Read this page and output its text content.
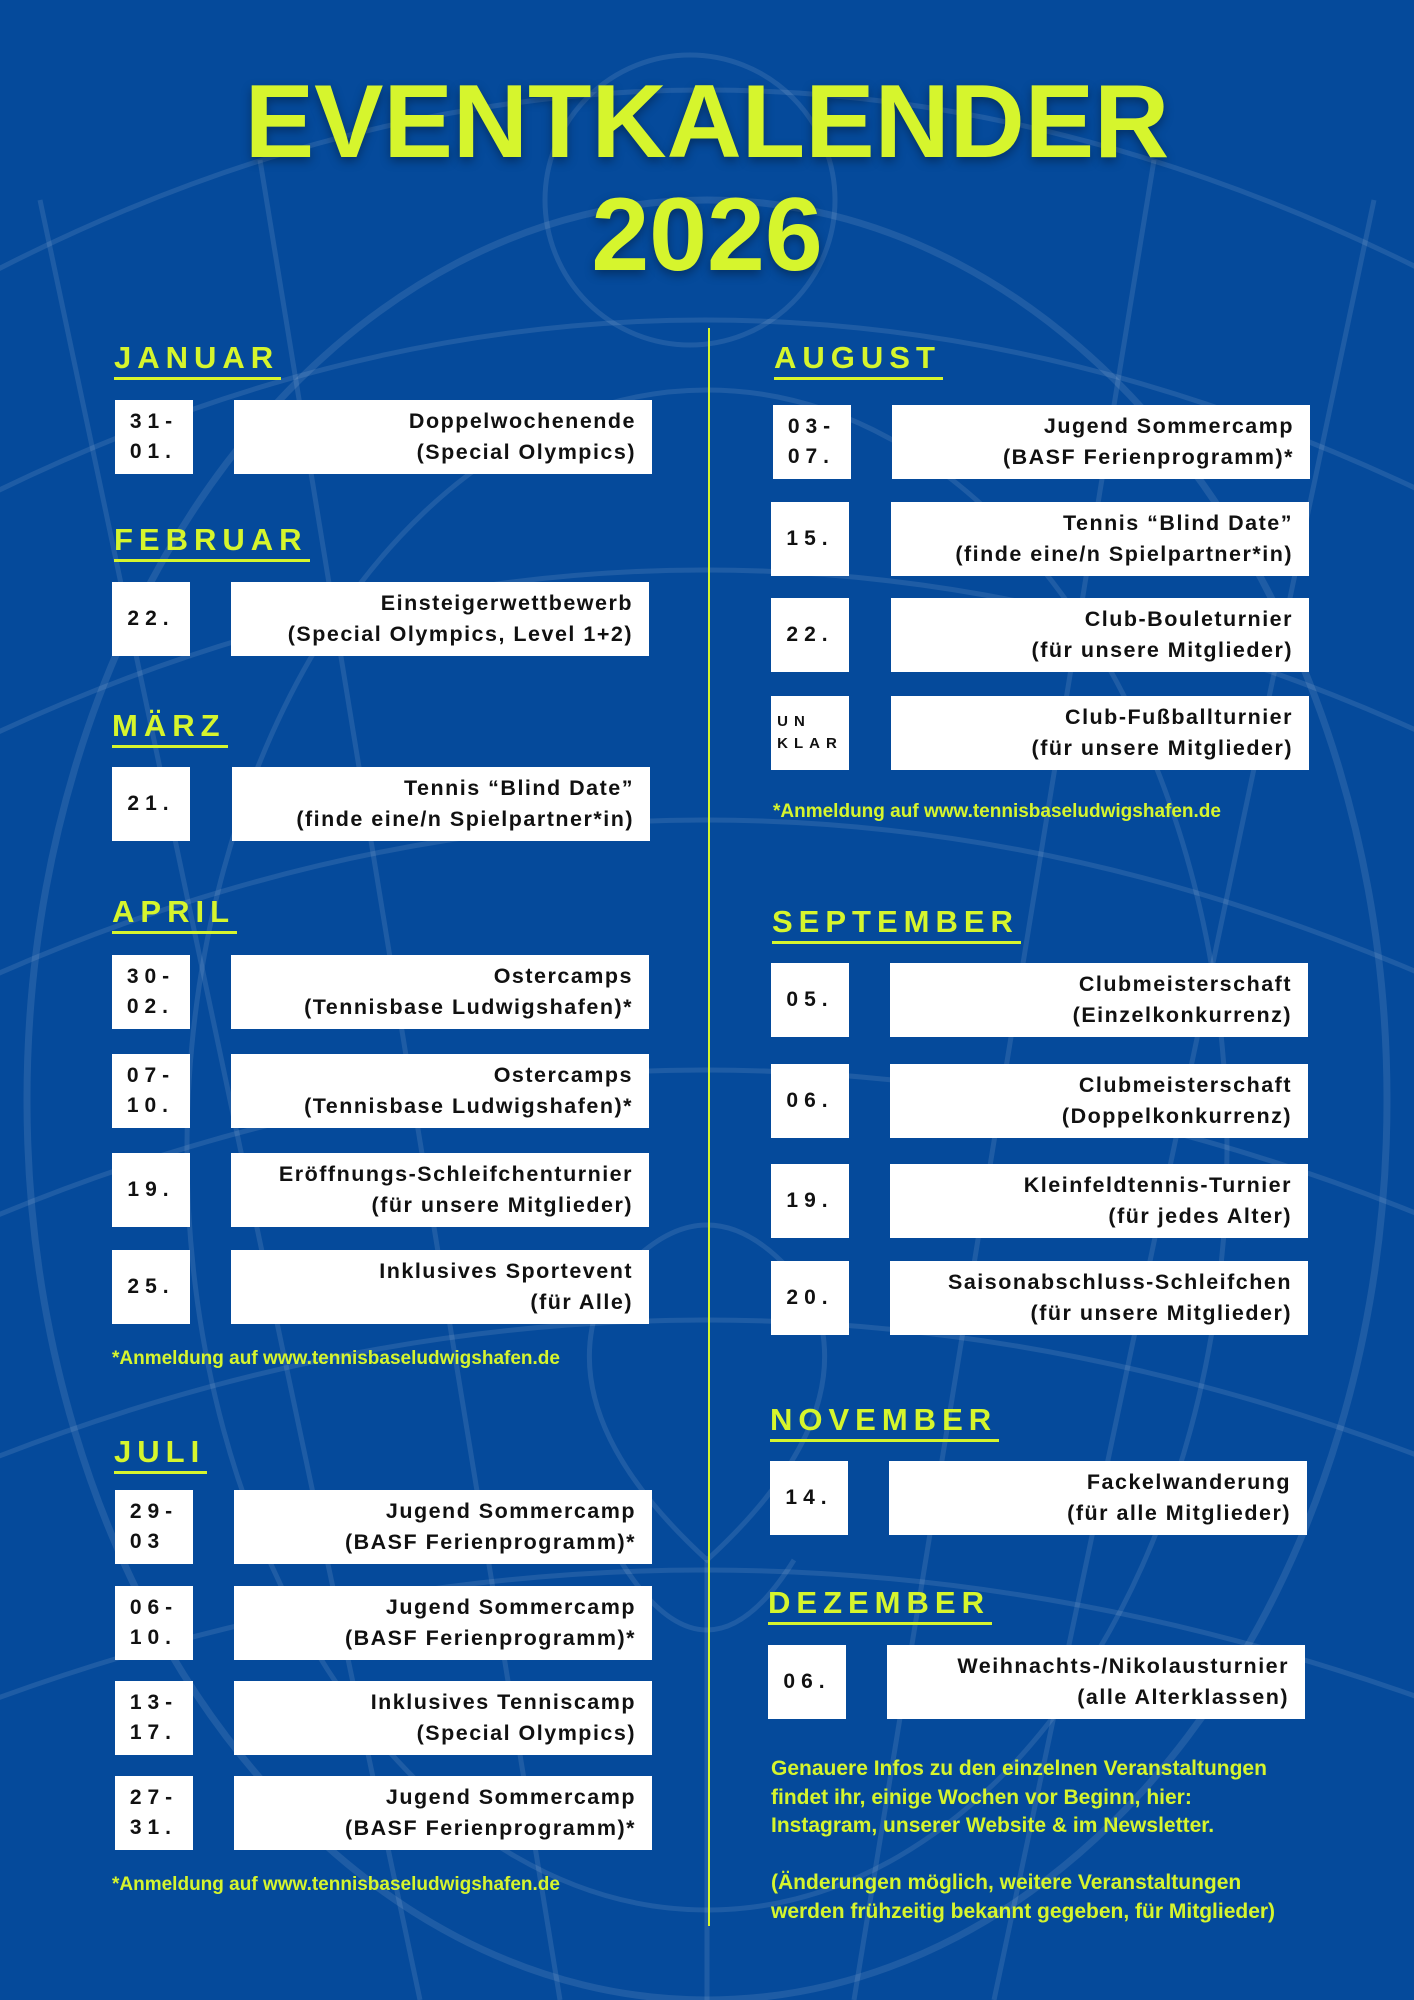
EVENTKALENDER
2026
JANUAR
31-
01.
Doppelwochenende
(Special Olympics)
FEBRUAR
22.
Einsteigerwettbewerb
(Special Olympics, Level 1+2)
MÄRZ
21.
Tennis “Blind Date”
(finde eine/n Spielpartner*in)
APRIL
30-
02.
Ostercamps
(Tennisbase Ludwigshafen)*
07-
10.
Ostercamps
(Tennisbase Ludwigshafen)*
19.
Eröffnungs-Schleifchenturnier
(für unsere Mitglieder)
25.
Inklusives Sportevent
(für Alle)
*Anmeldung auf www.tennisbaseludwigshafen.de
JULI
29-
03
Jugend Sommercamp
(BASF Ferienprogramm)*
06-
10.
Jugend Sommercamp
(BASF Ferienprogramm)*
13-
17.
Inklusives Tenniscamp
(Special Olympics)
27-
31.
Jugend Sommercamp
(BASF Ferienprogramm)*
*Anmeldung auf www.tennisbaseludwigshafen.de
AUGUST
03-
07.
Jugend Sommercamp
(BASF Ferienprogramm)*
15.
Tennis “Blind Date”
(finde eine/n Spielpartner*in)
22.
Club-Bouleturnier
(für unsere Mitglieder)
UN
KLAR
Club-Fußballturnier
(für unsere Mitglieder)
*Anmeldung auf www.tennisbaseludwigshafen.de
SEPTEMBER
05.
Clubmeisterschaft
(Einzelkonkurrenz)
06.
Clubmeisterschaft
(Doppelkonkurrenz)
19.
Kleinfeldtennis-Turnier
(für jedes Alter)
20.
Saisonabschluss-Schleifchen
(für unsere Mitglieder)
NOVEMBER
14.
Fackelwanderung
(für alle Mitglieder)
DEZEMBER
06.
Weihnachts-/Nikolausturnier
(alle Alterklassen)
Genauere Infos zu den einzelnen Veranstaltungen
findet ihr, einige Wochen vor Beginn, hier:
Instagram, unserer Website & im Newsletter.
(Änderungen möglich, weitere Veranstaltungen
werden frühzeitig bekannt gegeben, für Mitglieder)
